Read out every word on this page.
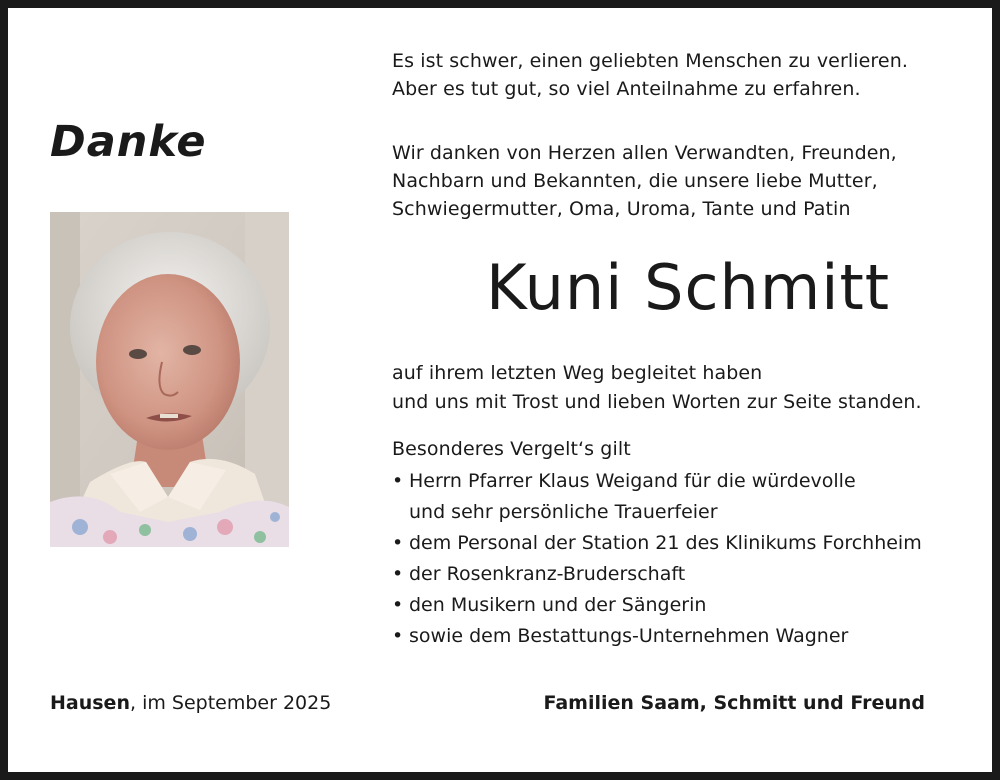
Danke

Es ist schwer, einen geliebten Menschen zu verlieren.

Aber es tut gut, so viel Anteilnahme zu erfahren.

Wir danken von Herzen allen Verwandten, Freunden,

Nachbarn und Bekannten, die unsere liebe Mutter,

Schwiegermutter, Oma, Uroma, Tante und Patin

Kuni Schmitt

auf ihrem letzten Weg begleitet haben

und uns mit Trost und lieben Worten zur Seite standen.

Besonderes Vergelt‘s gilt

• Herrn Pfarrer Klaus Weigand für die würdevolle
und sehr persönliche Trauerfeier
• dem Personal der Station 21 des Klinikums Forchheim
• der Rosenkranz-Bruderschaft
• den Musikern und der Sängerin
• sowie dem Bestattungs-Unternehmen Wagner
Hausen, im September 2025	Familien Saam, Schmitt und Freund
